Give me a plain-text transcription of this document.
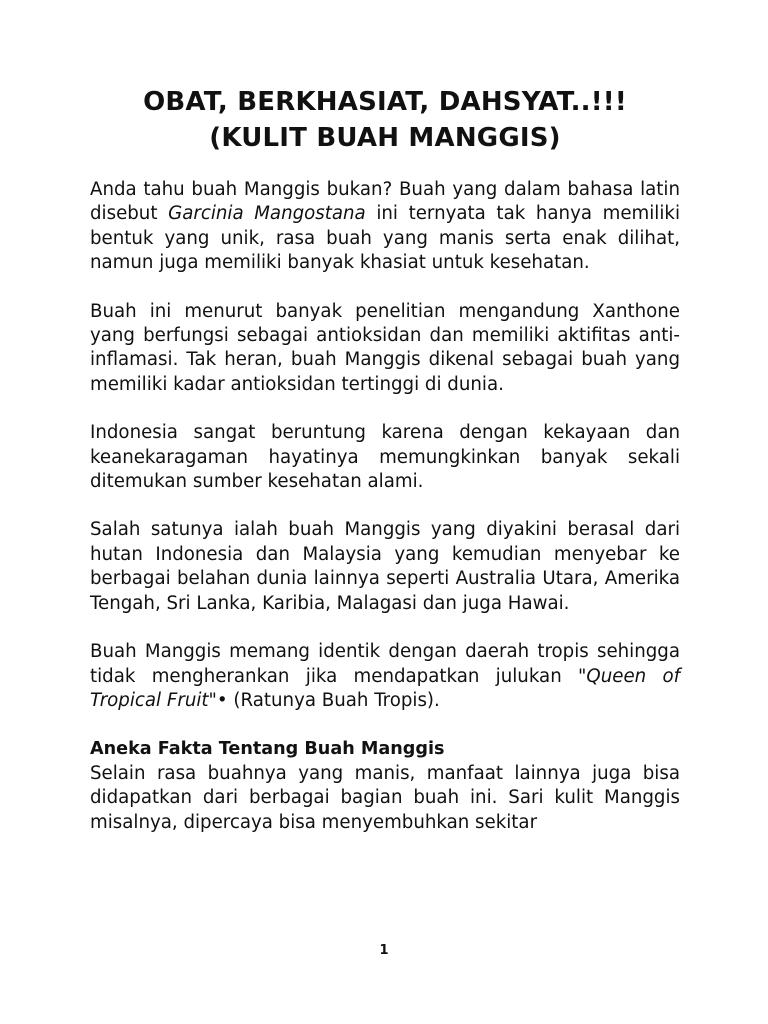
OBAT, BERKHASIAT, DAHSYAT..!!!
(KULIT BUAH MANGGIS)

Anda tahu buah Manggis bukan? Buah yang dalam bahasa latin disebut Garcinia Mangostana ini ternyata tak hanya memiliki bentuk yang unik, rasa buah yang manis serta enak dilihat, namun juga memiliki banyak khasiat untuk kesehatan.

Buah ini menurut banyak penelitian mengandung Xanthone yang berfungsi sebagai antioksidan dan memiliki aktifitas anti-inflamasi. Tak heran, buah Manggis dikenal sebagai buah yang memiliki kadar antioksidan tertinggi di dunia.

Indonesia sangat beruntung karena dengan kekayaan dan keanekaragaman hayatinya memungkinkan banyak sekali ditemukan sumber kesehatan alami.

Salah satunya ialah buah Manggis yang diyakini berasal dari hutan Indonesia dan Malaysia yang kemudian menyebar ke berbagai belahan dunia lainnya seperti Australia Utara, Amerika Tengah, Sri Lanka, Karibia, Malagasi dan juga Hawai.

Buah Manggis memang identik dengan daerah tropis sehingga tidak mengherankan jika mendapatkan julukan "Queen of Tropical Fruit"• (Ratunya Buah Tropis).

Aneka Fakta Tentang Buah Manggis

Selain rasa buahnya yang manis, manfaat lainnya juga bisa didapatkan dari berbagai bagian buah ini. Sari kulit Manggis misalnya, dipercaya bisa menyembuhkan sekitar

1
